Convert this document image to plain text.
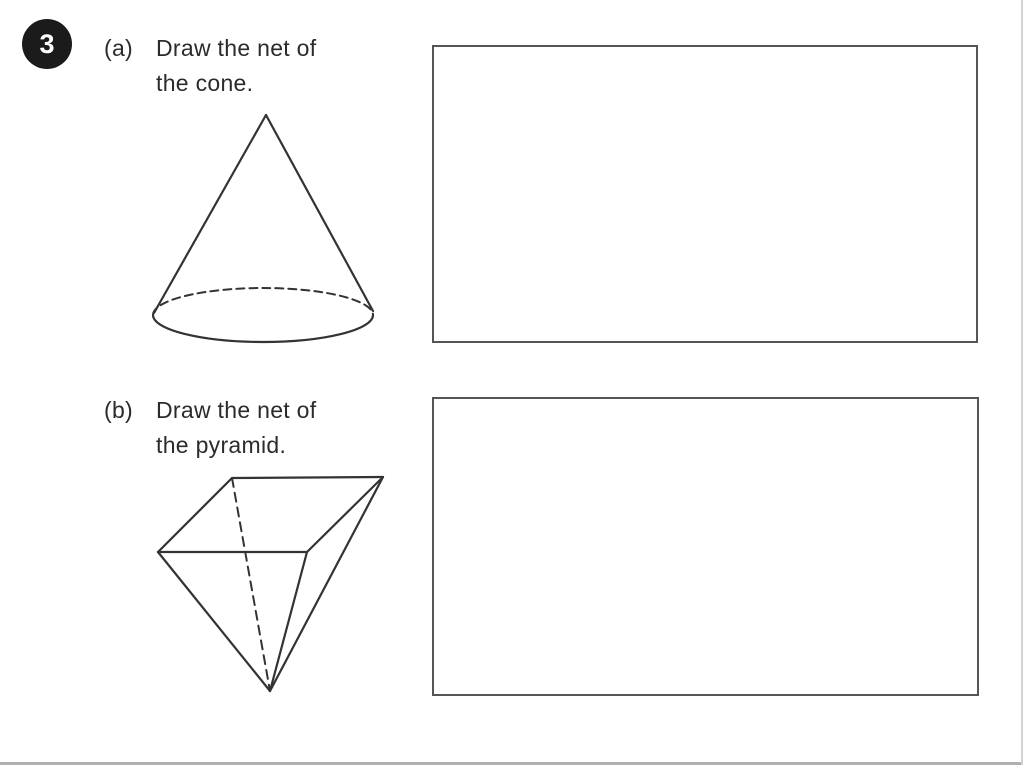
3 (a) Draw the net of
the cone.
(b) Draw the net of
the pyramid.
